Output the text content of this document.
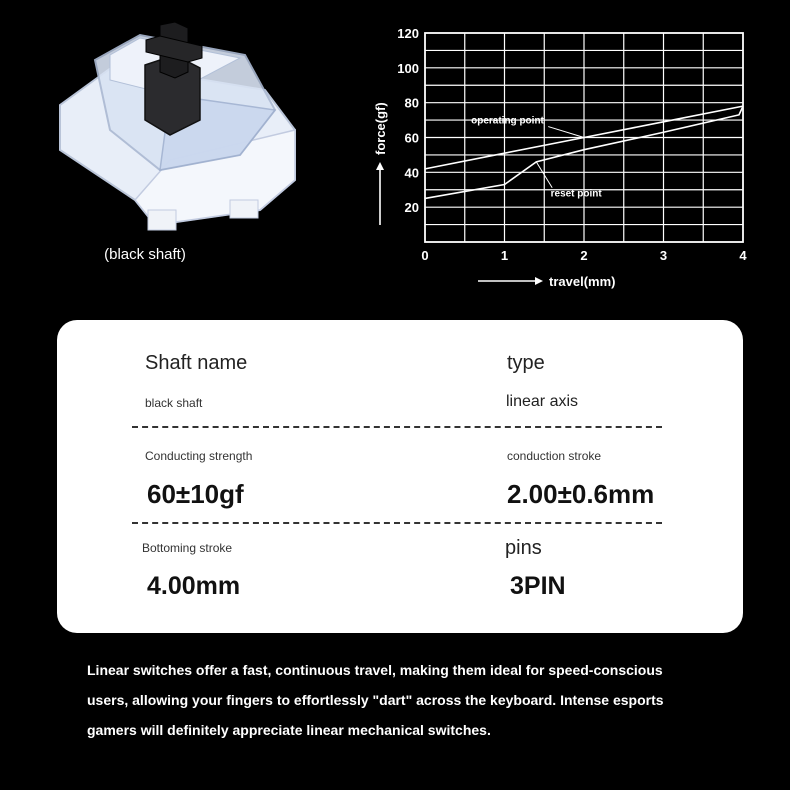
(black shaft)	0	1	2	3	4
20
40
60
80
100
120
operating point
reset point
travel(mm)
force(gf)
Shaft name	type
black shaft	linear axis
Conducting strength	conduction stroke
60±10gf	2.00±0.6mm
Bottoming stroke	pins
4.00mm	3PIN
Linear switches offer a fast, continuous travel, making them ideal for speed-conscious
users, allowing your fingers to effortlessly "dart" across the keyboard. Intense esports
gamers will definitely appreciate linear mechanical switches.
